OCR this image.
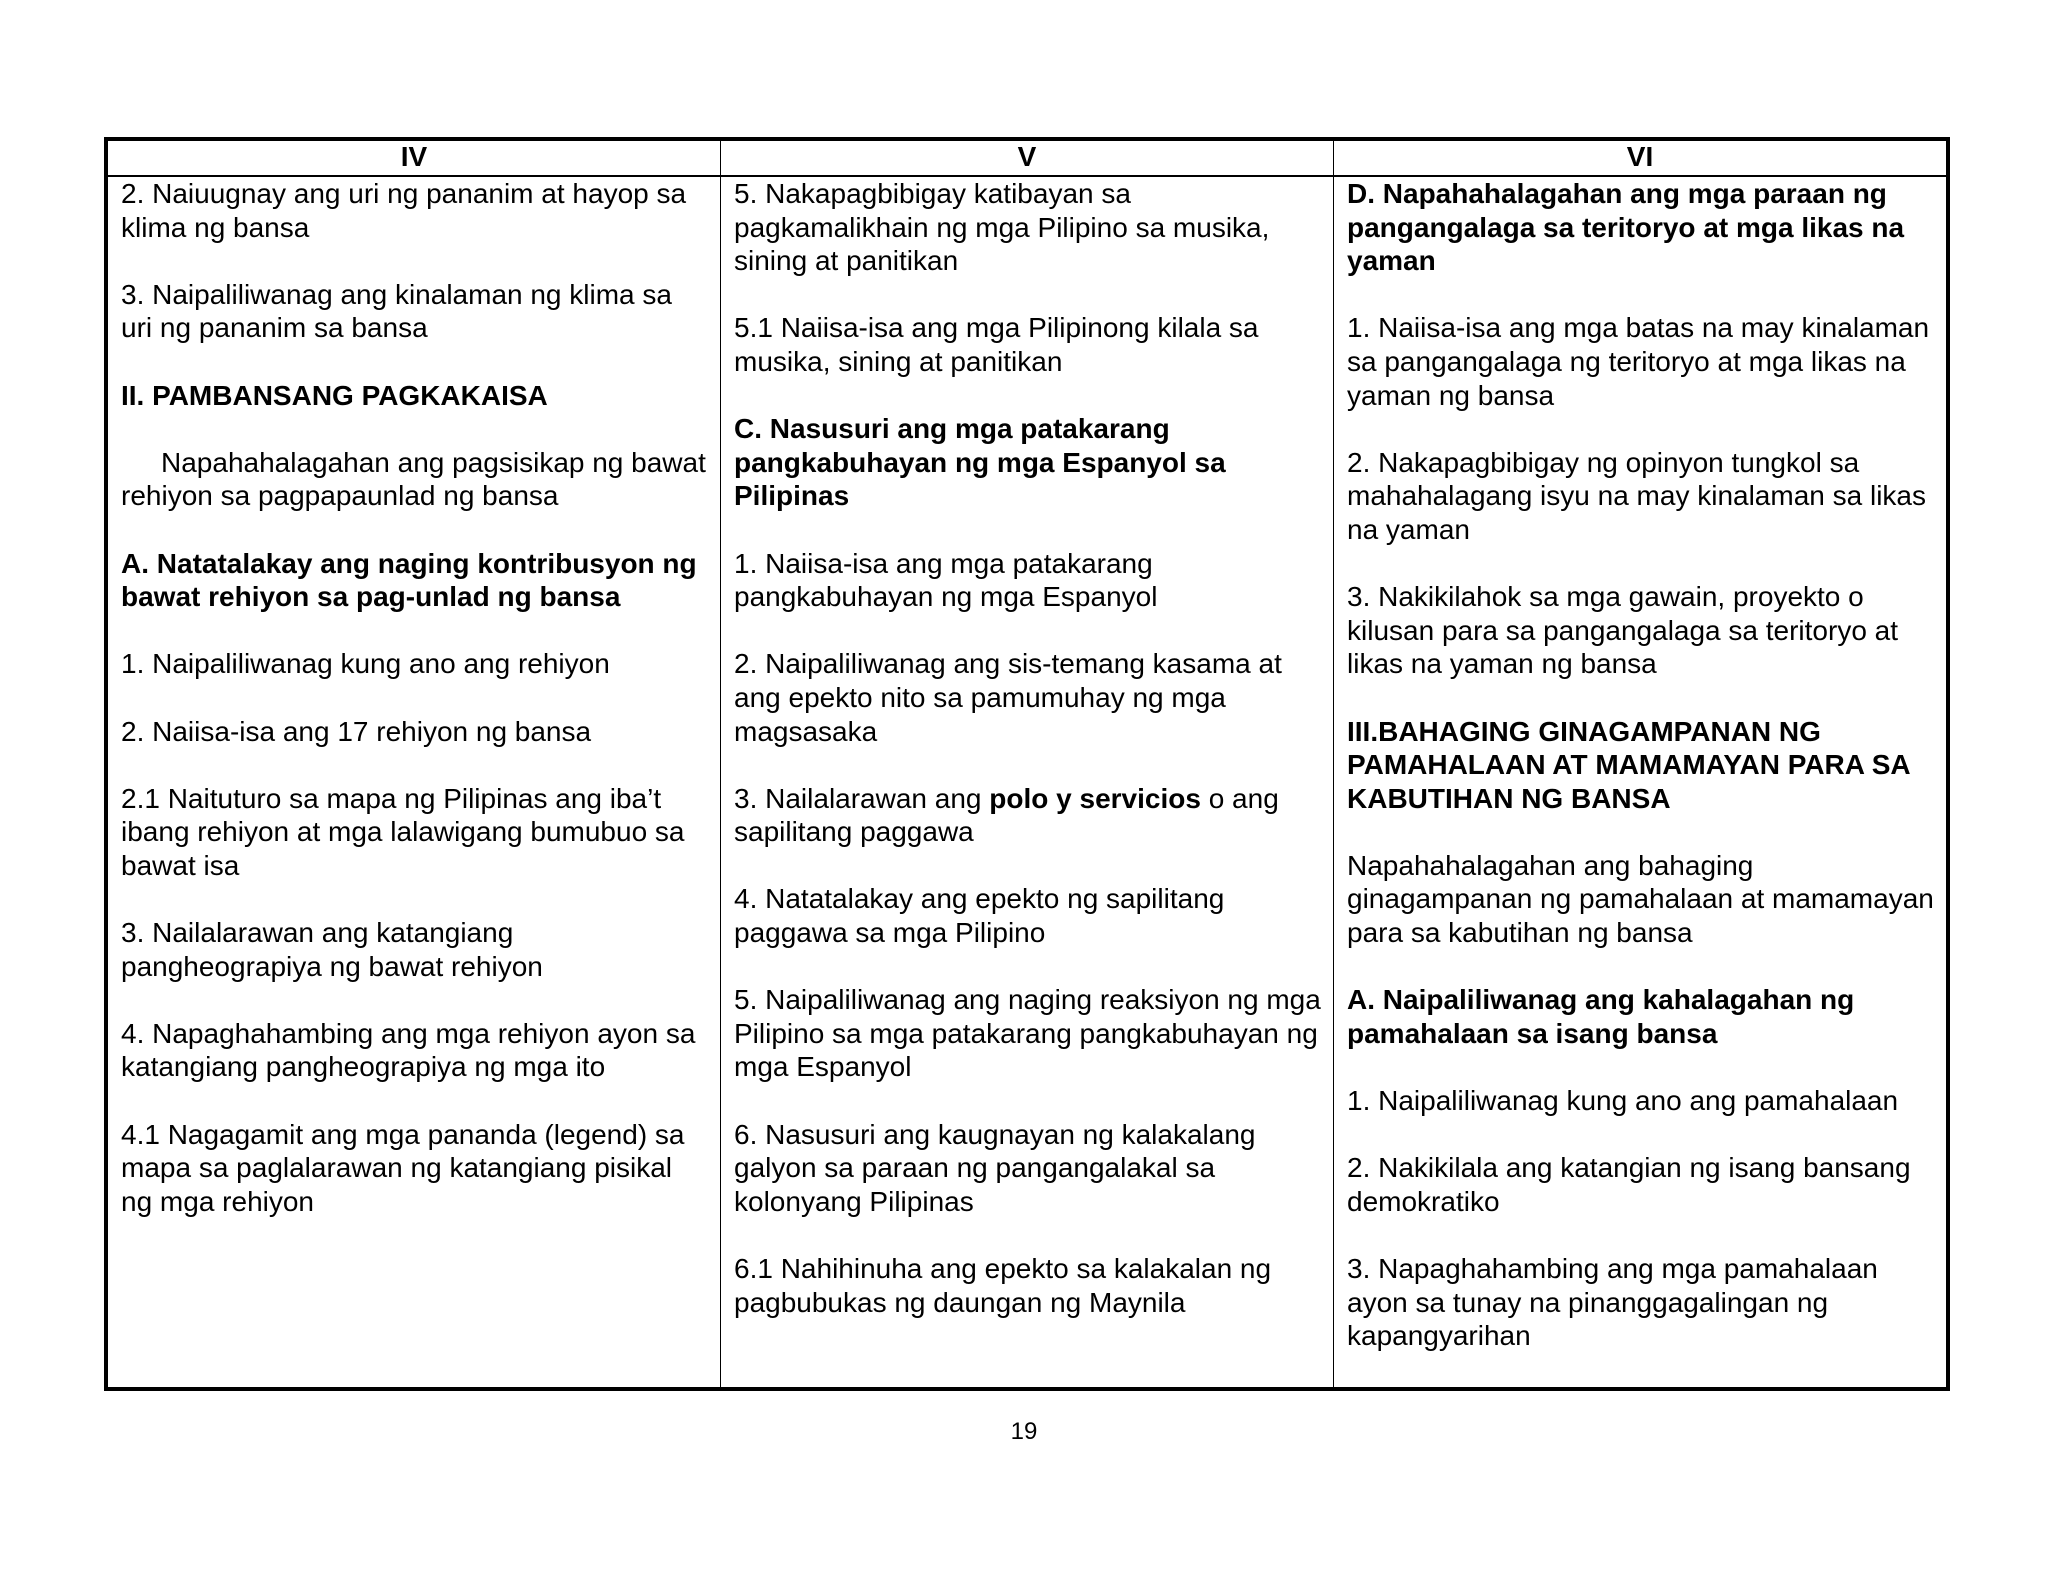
IV	V	VI
2. Naiuugnay ang uri ng pananim at hayop sa klima ng bansa
3. Naipaliliwanag ang kinalaman ng klima sa uri ng pananim sa bansa
II. PAMBANSANG PAGKAKAISA
Napahahalagahan ang pagsisikap ng bawat rehiyon sa pagpapaunlad ng bansa
A. Natatalakay ang naging kontribusyon ng bawat rehiyon sa pag-unlad ng bansa
1. Naipaliliwanag kung ano ang rehiyon
2. Naiisa-isa ang 17 rehiyon ng bansa
2.1 Naituturo sa mapa ng Pilipinas ang iba’t ibang rehiyon at mga lalawigang bumubuo sa bawat isa
3. Nailalarawan ang katangiang pangheograpiya ng bawat rehiyon
4. Napaghahambing ang mga rehiyon ayon sa katangiang pangheograpiya ng mga ito
4.1 Nagagamit ang mga pananda (legend) sa mapa sa paglalarawan ng katangiang pisikal ng mga rehiyon
5. Nakapagbibigay katibayan sa pagkamalikhain ng mga Pilipino sa musika, sining at panitikan
5.1 Naiisa-isa ang mga Pilipinong kilala sa musika, sining at panitikan
C. Nasusuri ang mga patakarang pangkabuhayan ng mga Espanyol sa Pilipinas
1. Naiisa-isa ang mga patakarang pangkabuhayan ng mga Espanyol
2. Naipaliliwanag ang sis-temang kasama at ang epekto nito sa pamumuhay ng mga magsasaka
3. Nailalarawan ang polo y servicios o ang sapilitang paggawa
4. Natatalakay ang epekto ng sapilitang paggawa sa mga Pilipino
5. Naipaliliwanag ang naging reaksiyon ng mga Pilipino sa mga patakarang pangkabuhayan ng mga Espanyol
6. Nasusuri ang kaugnayan ng kalakalang galyon sa paraan ng pangangalakal sa kolonyang Pilipinas
6.1 Nahihinuha ang epekto sa kalakalan ng pagbubukas ng daungan ng Maynila
D. Napahahalagahan ang mga paraan ng pangangalaga sa teritoryo at mga likas na yaman
1. Naiisa-isa ang mga batas na may kinalaman sa pangangalaga ng teritoryo at mga likas na yaman ng bansa
2. Nakapagbibigay ng opinyon tungkol sa mahahalagang isyu na may kinalaman sa likas na yaman
3. Nakikilahok sa mga gawain, proyekto o kilusan para sa pangangalaga sa teritoryo at likas na yaman ng bansa
III.BAHAGING GINAGAMPANAN NG PAMAHALAAN AT MAMAMAYAN PARA SA KABUTIHAN NG BANSA
Napahahalagahan ang bahaging ginagampanan ng pamahalaan at mamamayan para sa kabutihan ng bansa
A. Naipaliliwanag ang kahalagahan ng pamahalaan sa isang bansa
1. Naipaliliwanag kung ano ang pamahalaan
2. Nakikilala ang katangian ng isang bansang demokratiko
3. Napaghahambing ang mga pamahalaan ayon sa tunay na pinanggagalingan ng kapangyarihan
19
